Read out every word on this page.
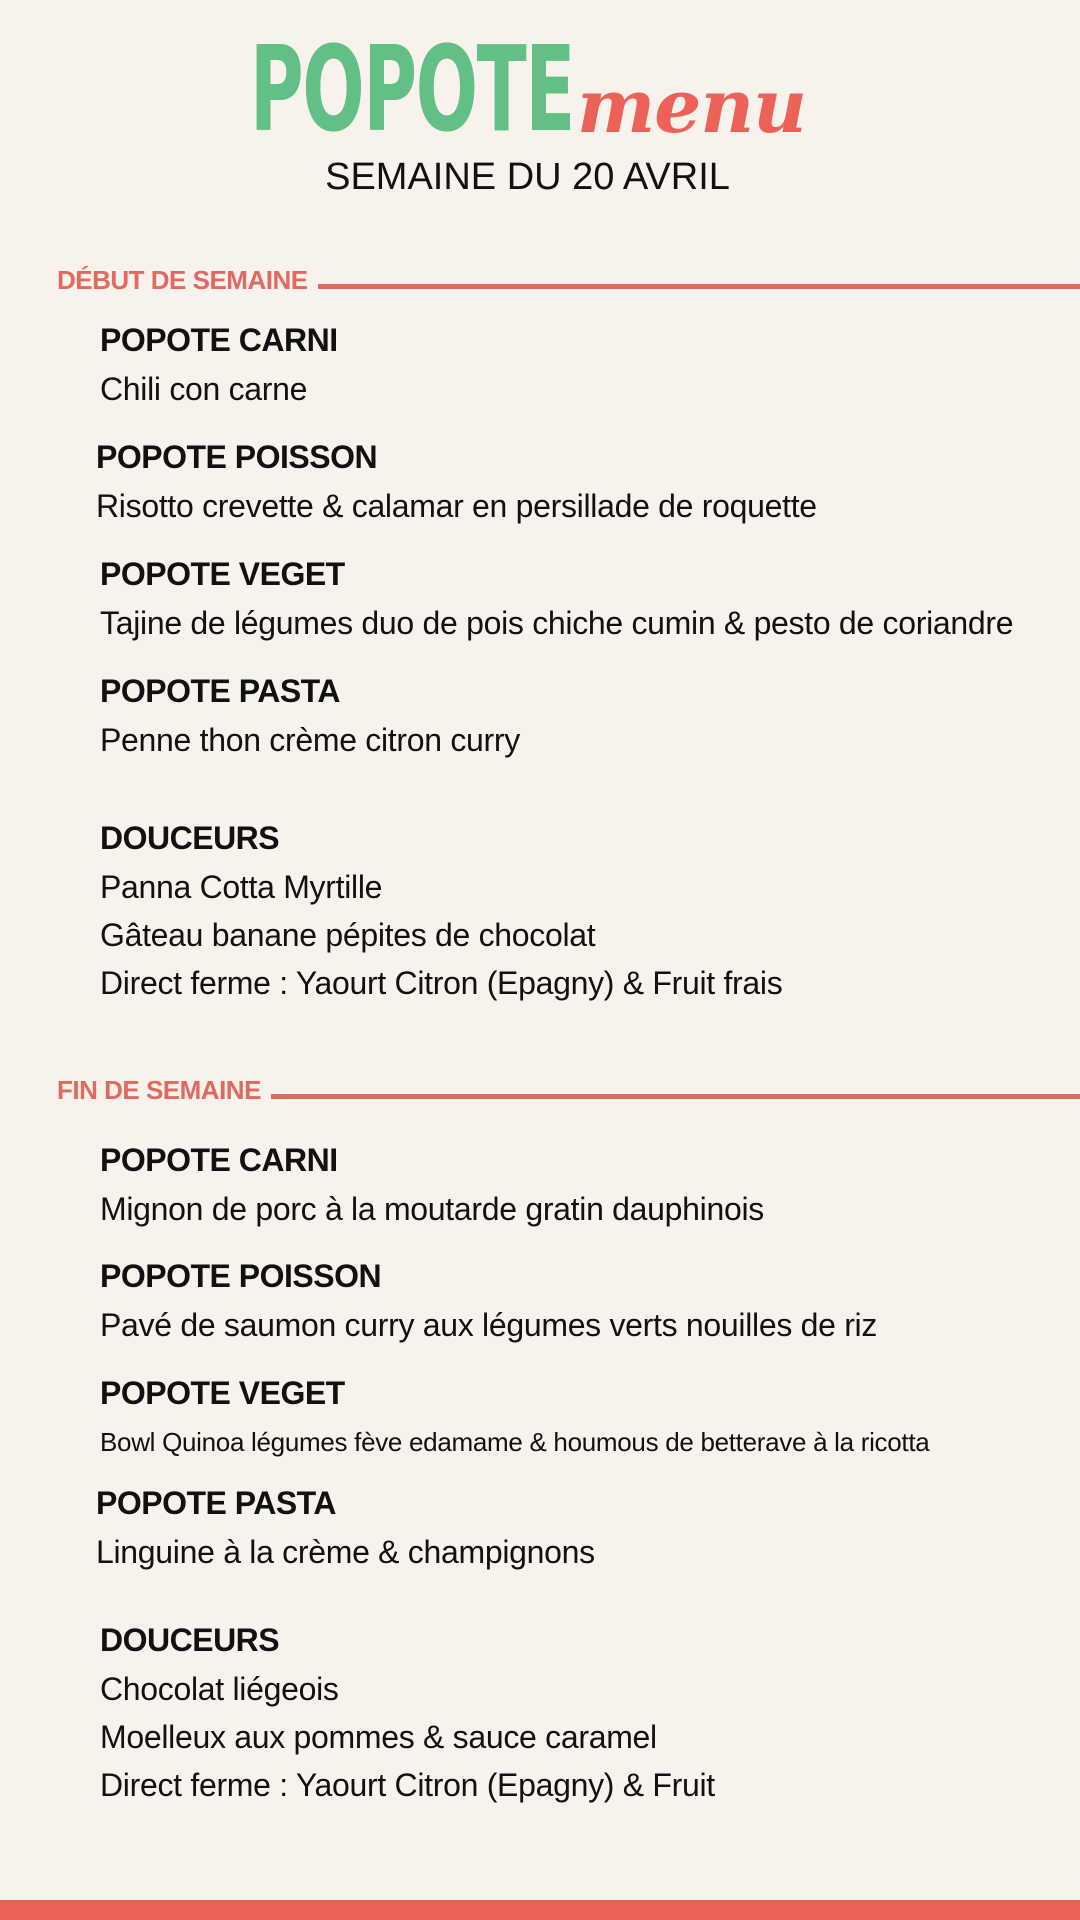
POPOTE menu
SEMAINE DU 20 AVRIL
DÉBUT DE SEMAINE
POPOTE CARNI
Chili con carne
POPOTE POISSON
Risotto crevette & calamar en persillade de roquette
POPOTE VEGET
Tajine de légumes duo de pois chiche cumin & pesto de coriandre
POPOTE PASTA
Penne thon crème citron curry
DOUCEURS
Panna Cotta Myrtille
Gâteau banane pépites de chocolat
Direct ferme : Yaourt Citron (Epagny) & Fruit frais
FIN DE SEMAINE
POPOTE CARNI
Mignon de porc à la moutarde gratin dauphinois
POPOTE POISSON
Pavé de saumon curry aux légumes verts nouilles de riz
POPOTE VEGET
Bowl Quinoa légumes fève edamame & houmous de betterave à la ricotta
POPOTE PASTA
Linguine à la crème & champignons
DOUCEURS
Chocolat liégeois
Moelleux aux pommes & sauce caramel
Direct ferme : Yaourt Citron (Epagny) & Fruit
